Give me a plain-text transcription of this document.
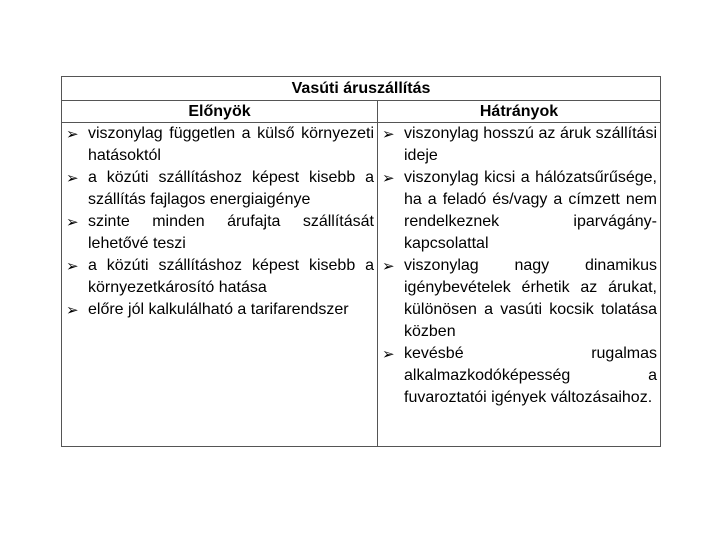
Vasúti áruszállítás
Előnyök	Hátrányok
➢ viszonylag független a külső környezeti hatásoktól
➢ a közúti szállításhoz képest kisebb a szállítás fajlagos energiaigénye
➢ szinte minden árufajta szállítását lehetővé teszi
➢ a közúti szállításhoz képest kisebb a környezetkárosító hatása
➢ előre jól kalkulálható a tarifarendszer
➢ viszonylag hosszú az áruk szállítási ideje
➢ viszonylag kicsi a hálózatsűrűsége, ha a feladó és/vagy a címzett nem rendelkeznek iparvágány-kapcsolattal
➢ viszonylag nagy dinamikus igénybevételek érhetik az árukat, különösen a vasúti kocsik tolatása közben
➢ kevésbé rugalmas alkalmazkodóképesség a fuvaroztatói igények változásaihoz.
